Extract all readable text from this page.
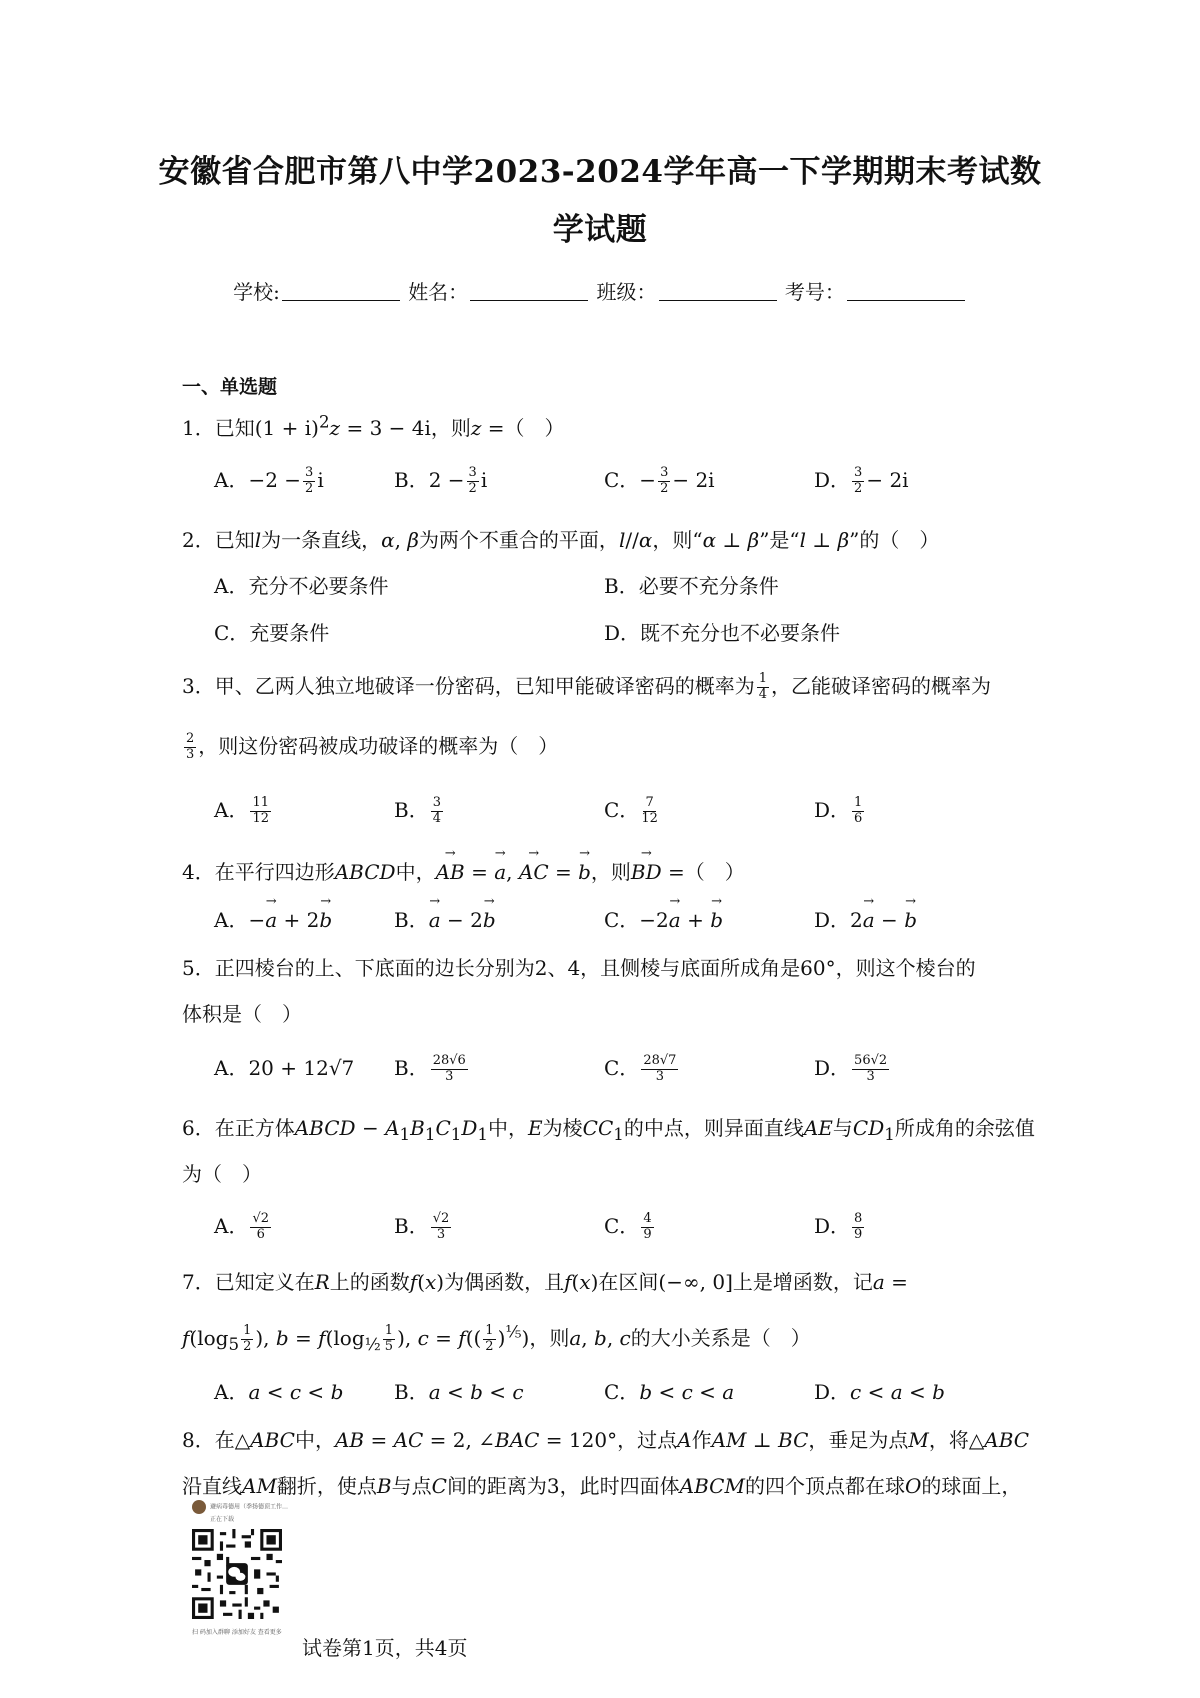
安徽省合肥市第八中学2023-2024学年高一下学期期末考试数
学试题
学校:	姓名：	班级：	考号：
一、单选题
1．已知$(1 + i)^2z = 3 - 4i$，则z =（　）
A．$-2 - \frac{3}{2}$ i	B．$2 - \frac{3}{2}$ i	C．− $\frac{3}{2} - 2i$	D． $\frac{3}{2} - 2i$
2．已知l为一条直线，α, β为两个不重合的平面，l//α，则“α ⊥ β”是“l ⊥ β”的（　）
A．充分不必要条件	B．必要不充分条件
C．充要条件	D．既不充分也不必要条件
3．甲、乙两人独立地破译一份密码，已知甲能破译密码的概率为 $\frac{1}{4}$ ，乙能破译密码的概率为
$\frac{2}{3}$ ，则这份密码被成功破译的概率为（　）
A． $\frac{11}{12}$	B． $\frac{3}{4}$	C． $\frac{7}{12}$	D． $\frac{1}{6}$
4．在平行四边形ABCD中，→ AB = → a, → AC = → b，则→ BD =（　）
A．−→ a + 2→ b	B．→ a − 2→ b	C．−2→ a + → b	D．2→ a − → b
5．正四棱台的上、下底面的边长分别为2、4，且侧棱与底面所成角是60°，则这个棱台的
体积是（　）
A．20 + 12√7 B． $\frac{28√6}{3}$	C． $\frac{28√7}{3}$	D． $\frac{56√2}{3}$
6．在正方体ABCD − $A_1B_1C_1D_1$中，E为棱$CC_1$的中点，则异面直线AE与$CD_1$所成角的余弦值
为（　）
A． $\frac{√2}{6}$	B． $\frac{√2}{3}$	C． $\frac{4}{9}$	D． $\frac{8}{9}$
7．已知定义在R上的函数f(x)为偶函数，且f(x)在区间(−∞, 0]上是增函数，记a =
$f(\log_5 \frac{1}{2}$ ), $b = f(\log_{\frac{1}{2}} \frac{1}{5}$ ), $c = f(( \frac{1}{2} )^{\frac{1}{5}})$，则a, b, c的大小关系是（　）
A．a < c < b	B．a < b < c	C．b < c < a	D．c < a < b
8．在△ABC中，AB = AC = 2, ∠BAC = 120°，过点A作AM ⊥ BC，垂足为点M，将△ABC
沿直线AM翻折，使点B与点C间的距离为3，此时四面体ABCM的四个顶点都在球O的球面上，
避病毒德用（季扬德顶工作…
正在下载
扫 码加入群聊 添加好友 查看更多
试卷第1页，共4页
